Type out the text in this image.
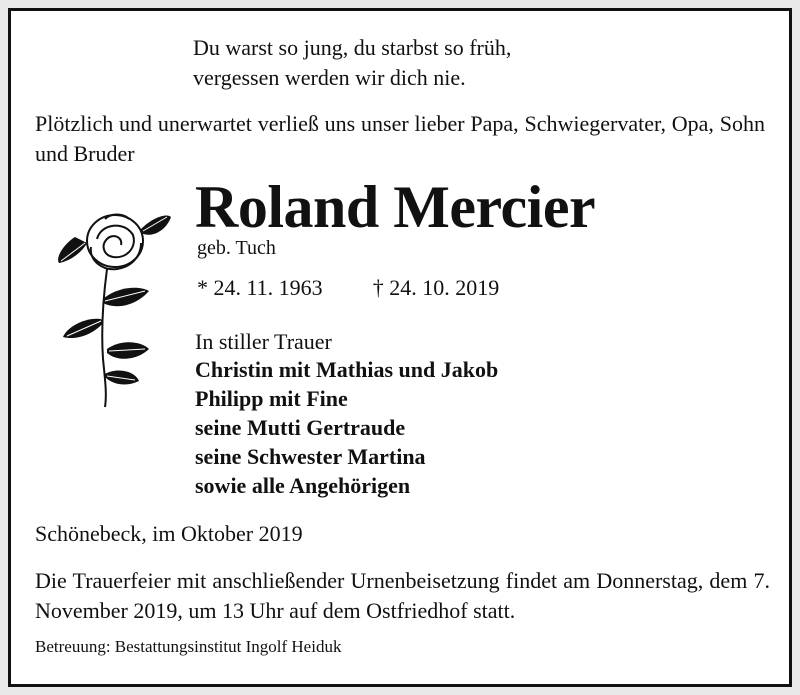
Du warst so jung, du starbst so früh,
vergessen werden wir dich nie.

Plötzlich und unerwartet verließ uns unser lieber Papa, Schwiegervater, Opa, Sohn und Bruder

Roland Mercier
geb. Tuch
* 24. 11. 1963 † 24. 10. 2019
In stiller Trauer
Christin mit Mathias und Jakob
Philipp mit Fine
seine Mutti Gertraude
seine Schwester Martina
sowie alle Angehörigen
Schönebeck, im Oktober 2019

Die Trauerfeier mit anschließender Urnenbeisetzung findet am Donnerstag, dem 7. November 2019, um 13 Uhr auf dem Ostfriedhof statt.

Betreuung: Bestattungsinstitut Ingolf Heiduk
